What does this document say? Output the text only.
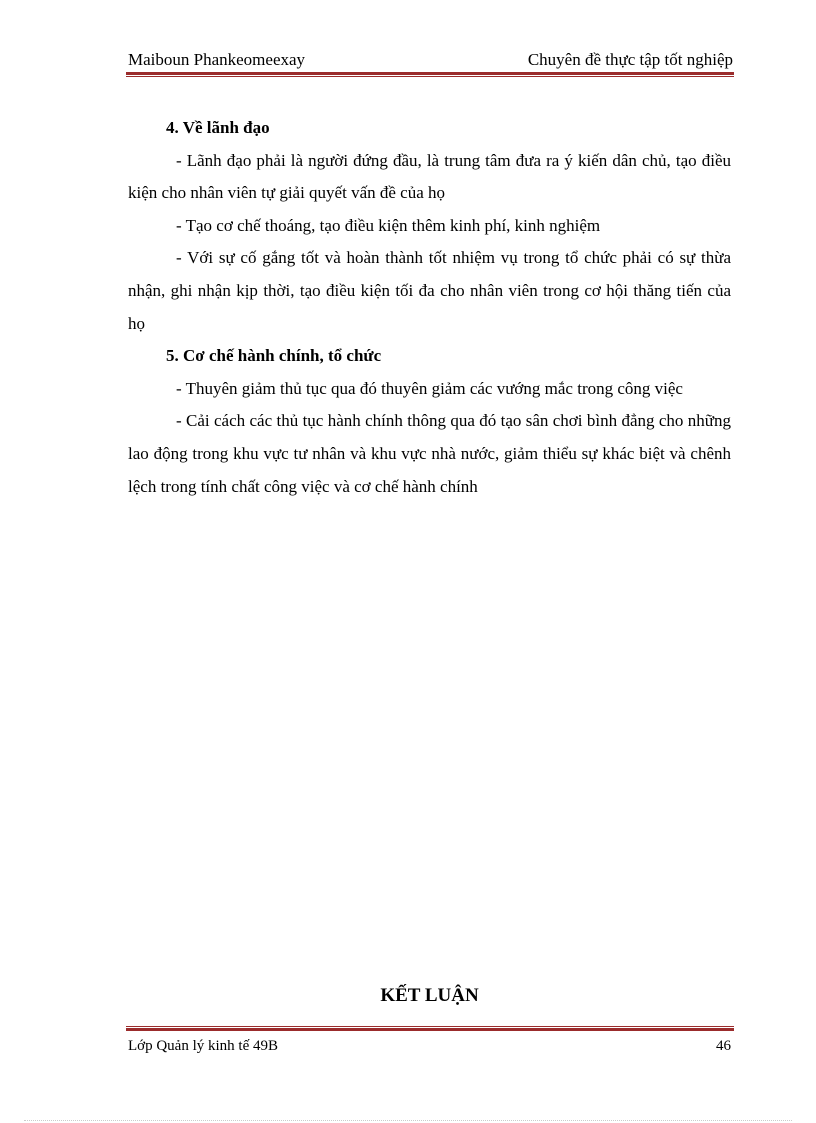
Maiboun Phankeomeexay	Chuyên đề thực tập tốt nghiệp

4. Về lãnh đạo

- Lãnh đạo phải là người đứng đầu, là trung tâm đưa ra ý kiến dân chủ, tạo điều kiện cho nhân viên tự giải quyết vấn đề của họ

- Tạo cơ chế thoáng, tạo điều kiện thêm kinh phí, kinh nghiệm

- Với sự cố gắng tốt và hoàn thành tốt nhiệm vụ trong tổ chức phải có sự thừa nhận, ghi nhận kịp thời, tạo điều kiện tối đa cho nhân viên trong cơ hội thăng tiến của họ

5. Cơ chế hành chính, tổ chức

- Thuyên giảm thủ tục qua đó thuyên giảm các vướng mắc trong công việc

- Cải cách các thủ tục hành chính thông qua đó tạo sân chơi bình đẳng cho những lao động trong khu vực tư nhân và khu vực nhà nước, giảm thiểu sự khác biệt và chênh lệch trong tính chất công việc và cơ chế hành chính

KẾT LUẬN
Lớp Quản lý kinh tế 49B	46
